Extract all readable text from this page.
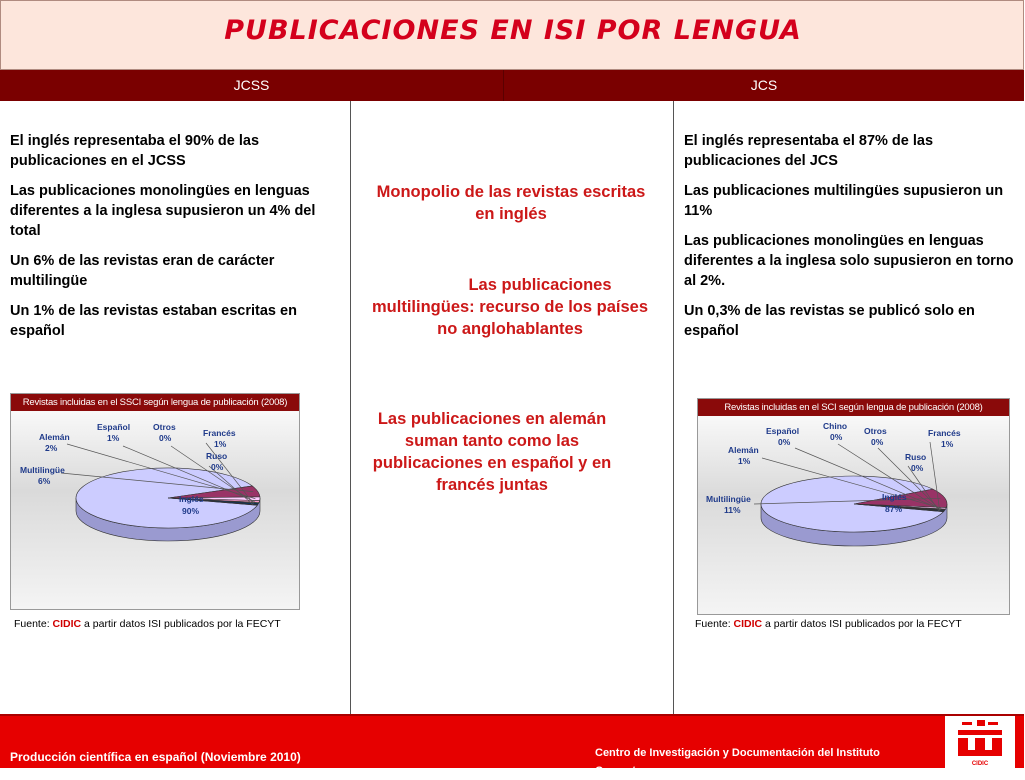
PUBLICACIONES EN ISI POR LENGUA
JCSS	JCS

El inglés representaba el 90% de las publicaciones en el JCSS

Las publicaciones monolingües en lenguas diferentes a la inglesa supusieron un 4% del total

Un 6% de las revistas eran de carácter multilingüe

Un 1% de las revistas estaban escritas en español

El inglés representaba el 87% de las publicaciones del JCS

Las publicaciones multilingües supusieron un 11%

Las publicaciones monolingües en lenguas diferentes a la inglesa solo supusieron en torno al 2%.

Un 0,3% de las revistas se publicó solo en español

Monopolio de las revistas escritas en inglés
Las publicaciones multilingües: recurso de los países no anglohablantes
Las publicaciones en alemán suman tanto como las publicaciones en español y en francés juntas
Revistas incluidas en el SSCI según lengua de publicación (2008)
Alemán
2%
Español
1%
Otros
0%	Francés
1%
Ruso
0%
Multilingüe
6%
Inglés
90%
Fuente: CIDIC a partir datos ISI publicados por la FECYT
Revistas incluidas en el SCI según lengua de publicación (2008)
Alemán
1%
Español
0%
Chino
0%
Otros
0%
Francés
1%
Ruso
0%
Multilingüe
11%
Inglés
87%
Fuente: CIDIC a partir datos ISI publicados por la FECYT
Producción científica en español (Noviembre 2010)	Centro de Investigación y Documentación del Instituto Cervantes
CIDIC
